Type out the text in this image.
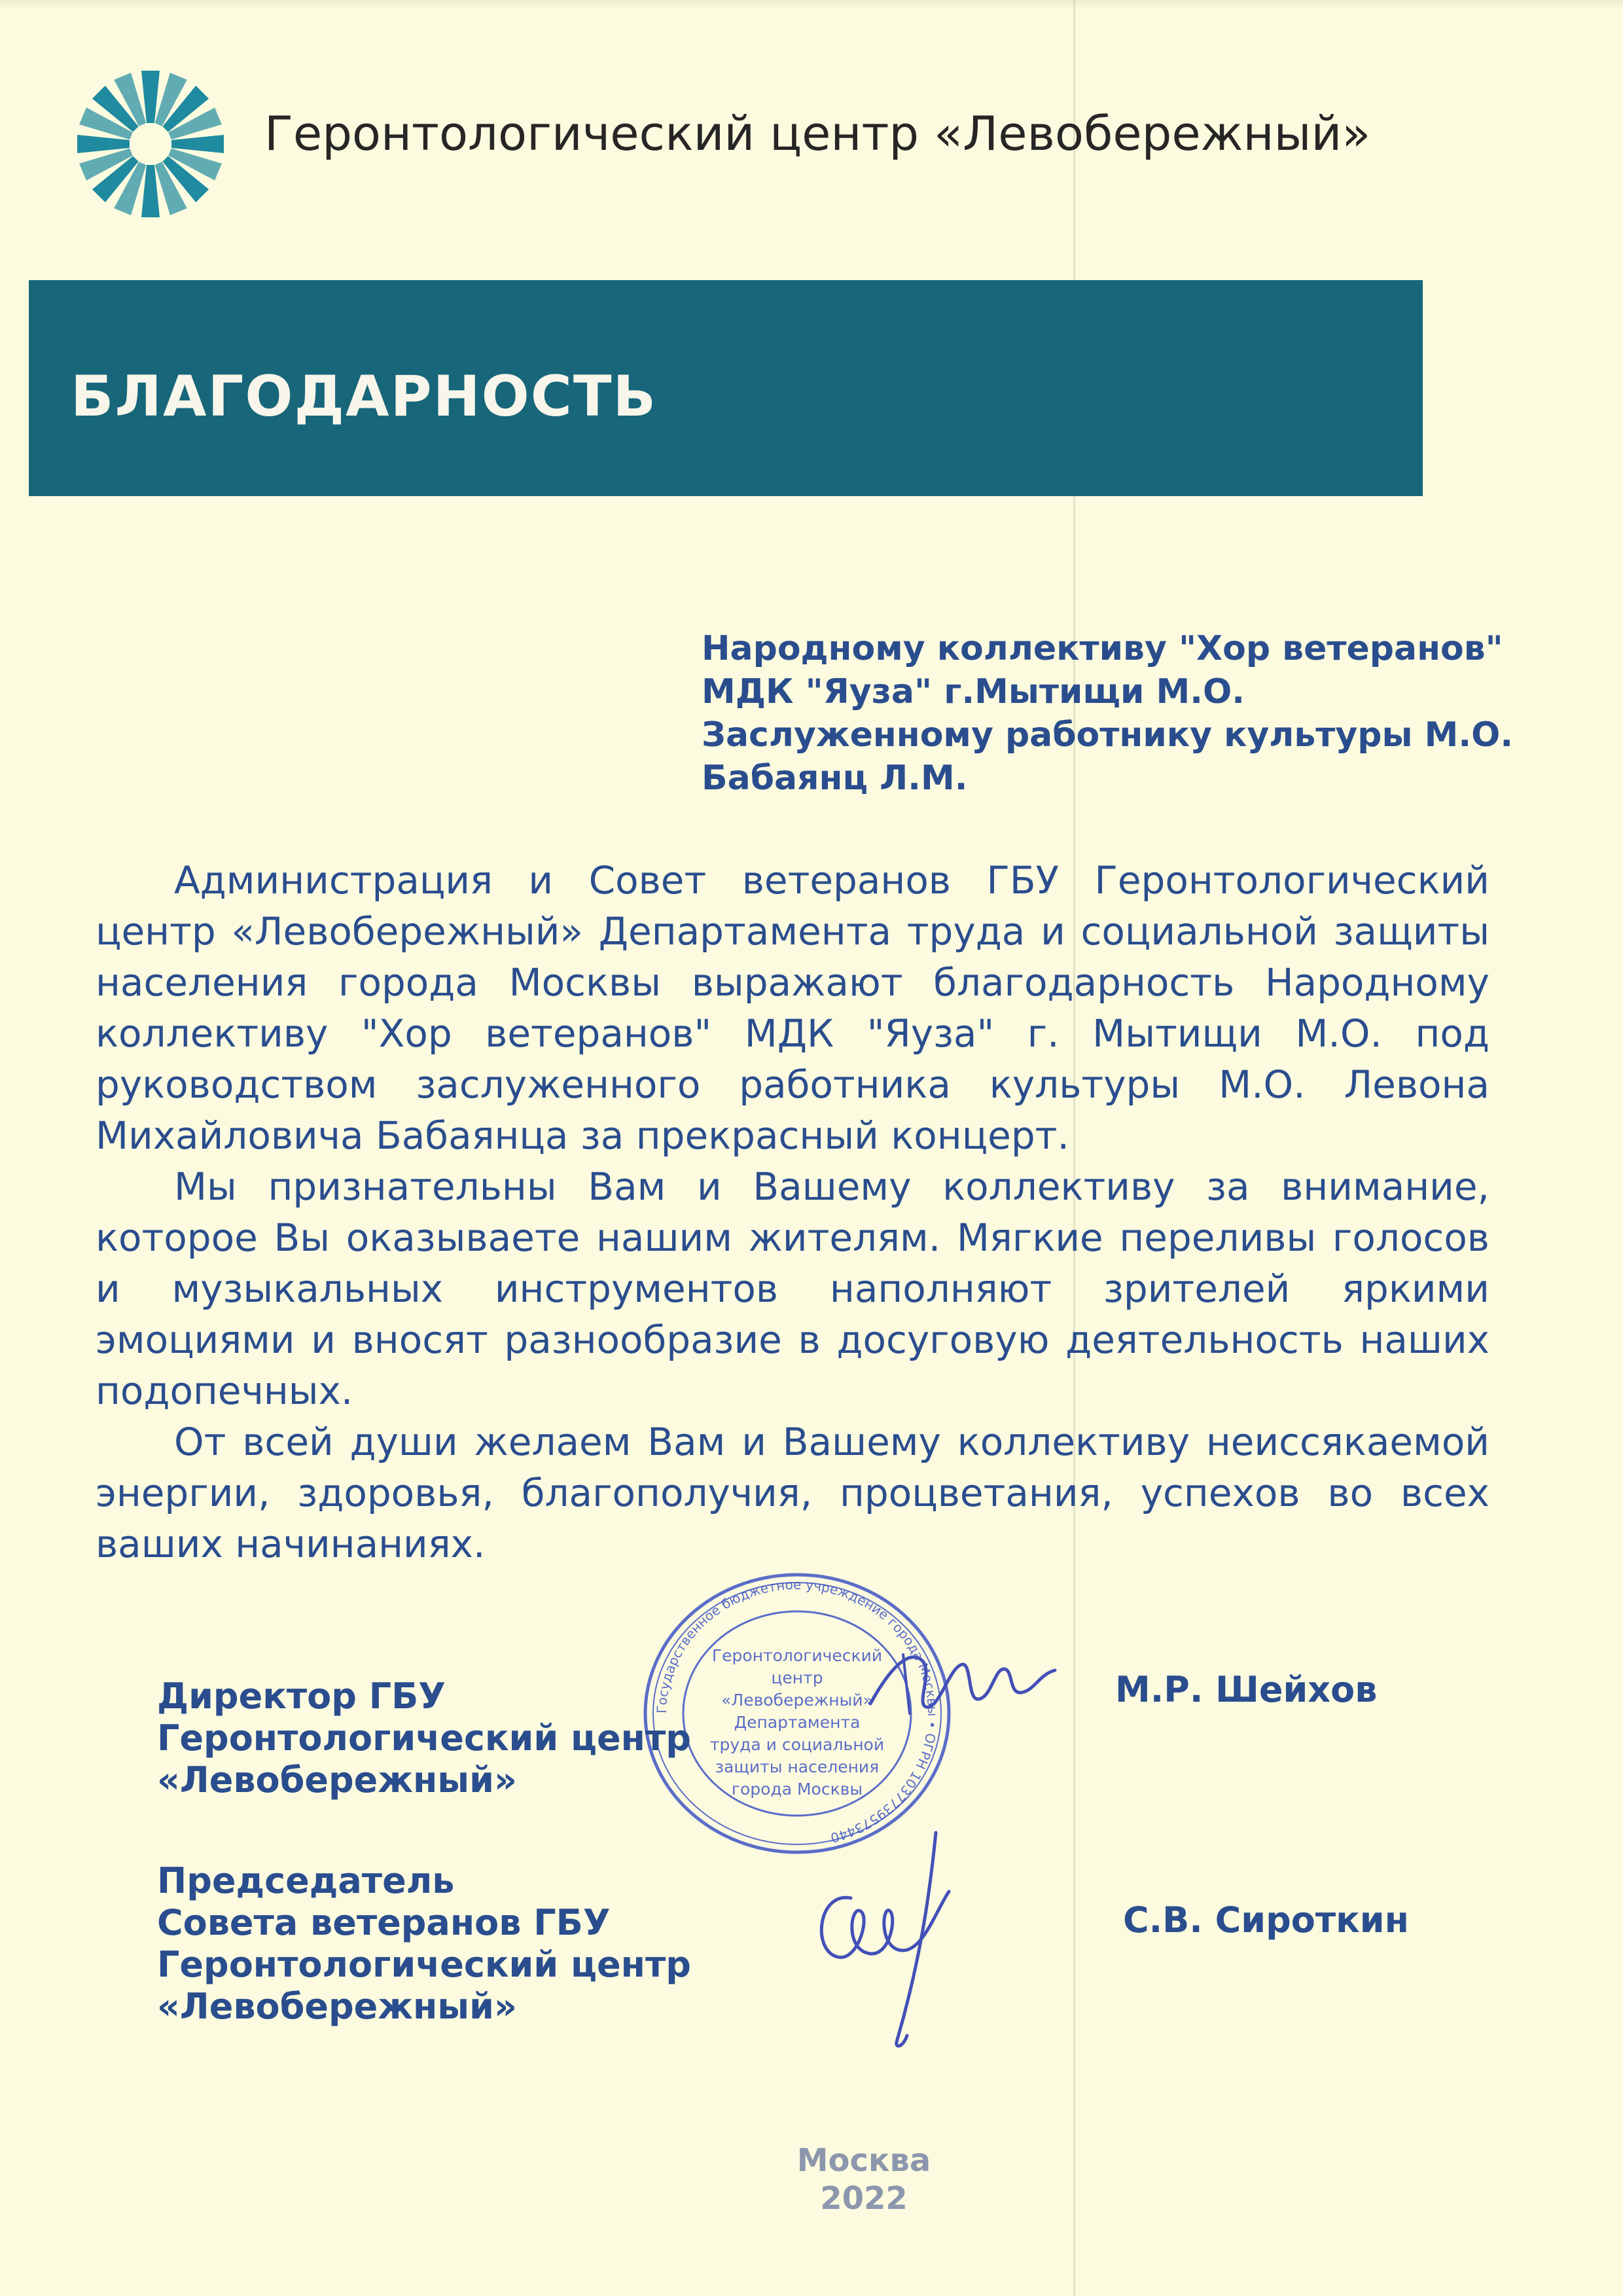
Геронтологический центр «Левобережный»
БЛАГОДАРНОСТЬ
Народному коллективу "Хор ветеранов"
МДК "Яуза" г.Мытищи М.О.
Заслуженному работнику культуры М.О.
Бабаянц Л.М.

Администрация и Совет ветеранов ГБУ Геронтологический центр «Левобережный» Департамента труда и социальной защиты населения города Москвы выражают благодарность Народному коллективу "Хор ветеранов" МДК "Яуза" г. Мытищи М.О. под руководством заслуженного работника культуры М.О. Левона Михайловича Бабаянца за прекрасный концерт.

Мы признательны Вам и Вашему коллективу за внимание, которое Вы оказываете нашим жителям. Мягкие переливы голосов и музыкальных инструментов наполняют зрителей яркими эмоциями и вносят разнообразие в досуговую деятельность наших подопечных.

От всей души желаем Вам и Вашему коллективу неиссякаемой энергии, здоровья, благополучия, процветания, успехов во всех ваших начинаниях.

Государственное бюджетное учреждение города Москвы • ОГРН 1037739573440
Геронтологический
центр
«Левобережный»
Департамента
труда и социальной
защиты населения
города Москвы
Директор ГБУ
Геронтологический центр
«Левобережный»
М.Р. Шейхов
Председатель
Совета ветеранов ГБУ
Геронтологический центр
«Левобережный»
С.В. Сироткин
Москва
2022
